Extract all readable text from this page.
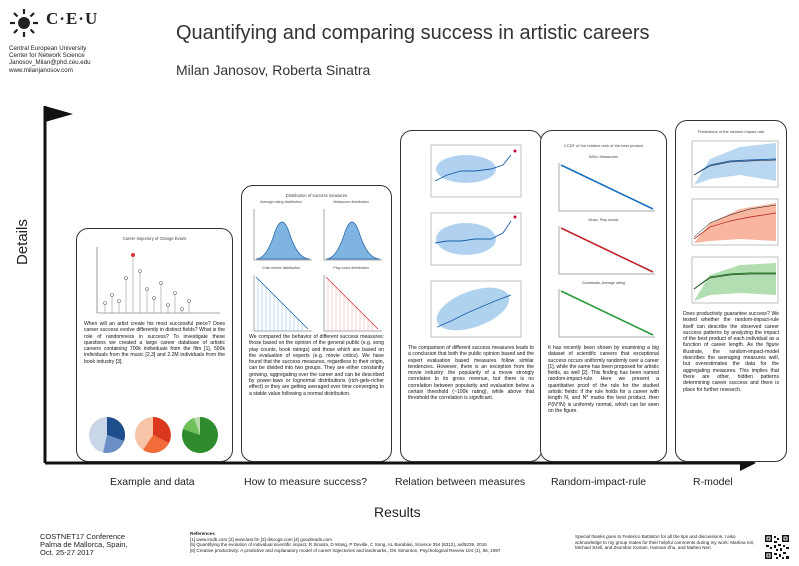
C·E·U
Central European University
Center for Network Science
Janosov_Milan@phd.ceu.edu
www.milanjanosov.com
Quantifying and comparing success in artistic careers
Milan Janosov, Roberta Sinatra
Details
Results
Example and data	How to measure success?	Relation between measures Random-impact-rule	R-model
Career trajectory of Orange Evans
When will an artist create his most successful piece? Does career success evolve differently in distinct fields? What is the role of randomness in success? To investigate these questions we created a large career database of artistic careers containing 700k individuals from the film [1], 500k individuals from the music [2,3] and 2.2M individuals from the book industry [3].
Distribution of success measures
Average rating distribution	Metascore distribution
Critic review distribution	Play count distribution
We compared the behavior of different success measures: those based on the opinion of the general public (e.g. song play counts, book ratings) and those which are based on the evaluation of experts (e.g. movie critics). We have found that the success measures, regardless to their origin, can be divided into two groups. They are either constantly growing, aggregating over the career and can be described by power-laws or lognormal distributions (rich-gets-richer effect) or they are getting averaged over time converging to a stable value following a normal distribution.
The comparison of different success measures leads to a conclusion that both the public opinion based and the expert evaluation based measures follow similar tendencies. However, there is an exception from the movie industry: the popularity of a movie strongly correlates to its gross revenue, but there is no correlation between popularity and evaluation below a certain threshold (~100k rating), while above that threshold the correlation is significant.
CCDF of the relative rank of the best product
IMDb, Metascores
Music, Play counts
Goodreads, Average rating
It has recently been shown by examining a big dataset of scientific careers that exceptional success occurs uniformly randomly over a career [1], while the same has been proposed for artistic fields, as well [2]. This finding has been named random-impact-rule. Here we present a quantitative proof of the rule for the studied artistic fields: if the rule holds for a career with length N, and N* marks the best product, then P(N*/N) is uniformly normal, which can be seen on the figure.
Predictions of the random impact rule
Does productivity guarantee success? We tested whether the random-impact-rule itself can describe the observed career success patterns by analyzing the impact of the best product of each individual as a function of career length. As the figure illustrate, the random-impact-model describes the averaging measures well, but overestimates the data for the aggregating measures. This implies that there are other, hidden patterns determining career success and there is place for further research.
COSTNET17 Conference
Palma de Mallorca, Spain,
Oct. 25-27 2017
References
[1] www.imdb.com [2] www.last.fm [3] discogs.com [4] goodreads.com
[5] Quantifying the evolution of individual scientific impact, R Sinatra, D Wang, P Deville, C Song, AL Barabási, Science 354 (6312), aaf5239, 2016
[6] Creative productivity: A predictive and explanatory model of career trajectories and landmarks., DK Simonton, Psychological Review 104 (1), 66, 1997
Special thanks goes to Federico Battiston for all the tips and discussions. I also acknowledge to my group mates for their helpful comments during my work: Martina Iori, Michael Szell, and Zsombor Koman, Hannan Zhu, and Matteo Neri.
